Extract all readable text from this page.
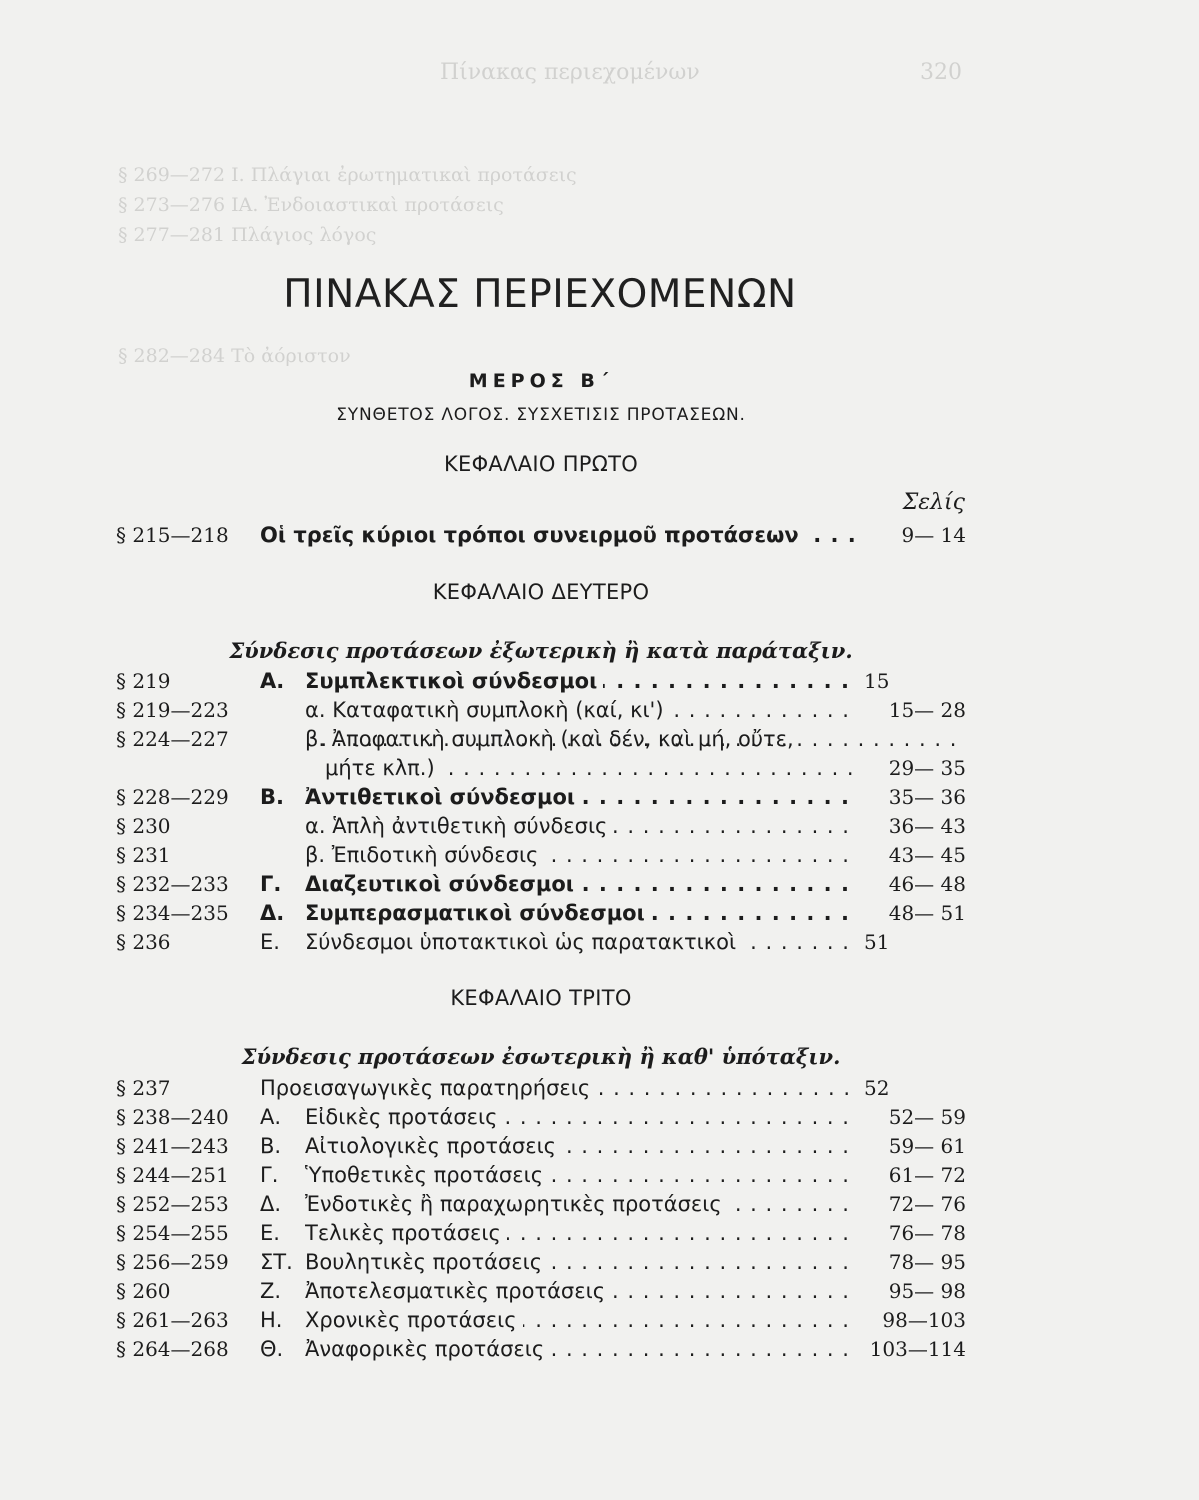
320
Πίνακας περιεχομένων
§ 269—272 Ι. Πλάγιαι ἐρωτηματικαὶ προτάσεις
§ 273—276 ΙΑ. Ἐνδοιαστικαὶ προτάσεις
§ 277—281 Πλάγιος λόγος
§ 282—284 Τὸ ἀόριστον
ΠΙΝΑΚΑΣ ΠΕΡΙΕΧΟΜΕΝΩΝ
ΜΕΡΟΣ Β΄
ΣΥΝΘΕΤΟΣ ΛΟΓΟΣ. ΣΥΣΧΕΤΙΣΙΣ ΠΡΟΤΑΣΕΩΝ.
ΚΕΦΑΛΑΙΟ ΠΡΩΤΟ
Σελίς
§ 215—218 Οἱ τρεῖς κύριοι τρόποι συνειρμοῦ προτάσεων . . .	9— 14
ΚΕΦΑΛΑΙΟ ΔΕΥΤΕΡΟ
Σύνδεσις προτάσεων ἐξωτερικὴ ἢ κατὰ παράταξιν.
§ 219	Α. Συμπλεκτικοὶ σύνδεσμοι . . .	15
§ 219—223	α. Καταφατικὴ συμπλοκὴ (καί, κι') . . .	15— 28
§ 224—227	β. Ἀποφατικὴ συμπλοκὴ (καὶ δέν, καὶ μή, οὔτε, . . .
μήτε κλπ.) . . .	29— 35
§ 228—229 Β. Ἀντιθετικοὶ σύνδεσμοι . . .	35— 36
§ 230	α. Ἁπλὴ ἀντιθετικὴ σύνδεσις . . .	36— 43
§ 231	β. Ἐπιδοτικὴ σύνδεσις . . .	43— 45
§ 232—233 Γ. Διαζευτικοὶ σύνδεσμοι . . .	46— 48
§ 234—235 Δ. Συμπερασματικοὶ σύνδεσμοι . . .	48— 51
§ 236	Ε. Σύνδεσμοι ὑποτακτικοὶ ὡς παρατακτικοὶ . . .	51
ΚΕΦΑΛΑΙΟ ΤΡΙΤΟ
Σύνδεσις προτάσεων ἐσωτερικὴ ἢ καθ' ὑπόταξιν.
§ 237	Προεισαγωγικὲς παρατηρήσεις . . .	52
§ 238—240 Α. Εἰδικὲς προτάσεις . . .	52— 59
§ 241—243 Β. Αἰτιολογικὲς προτάσεις . . .	59— 61
§ 244—251 Γ. Ὑποθετικὲς προτάσεις . . .	61— 72
§ 252—253 Δ. Ἐνδοτικὲς ἢ παραχωρητικὲς προτάσεις . . .	72— 76
§ 254—255 Ε. Τελικὲς προτάσεις . . .	76— 78
§ 256—259 ΣΤ. Βουλητικὲς προτάσεις . . .	78— 95
§ 260	Ζ. Ἀποτελεσματικὲς προτάσεις . . .	95— 98
§ 261—263 Η. Χρονικὲς προτάσεις . . .	98—103
§ 264—268 Θ. Ἀναφορικὲς προτάσεις . . .	103—114
